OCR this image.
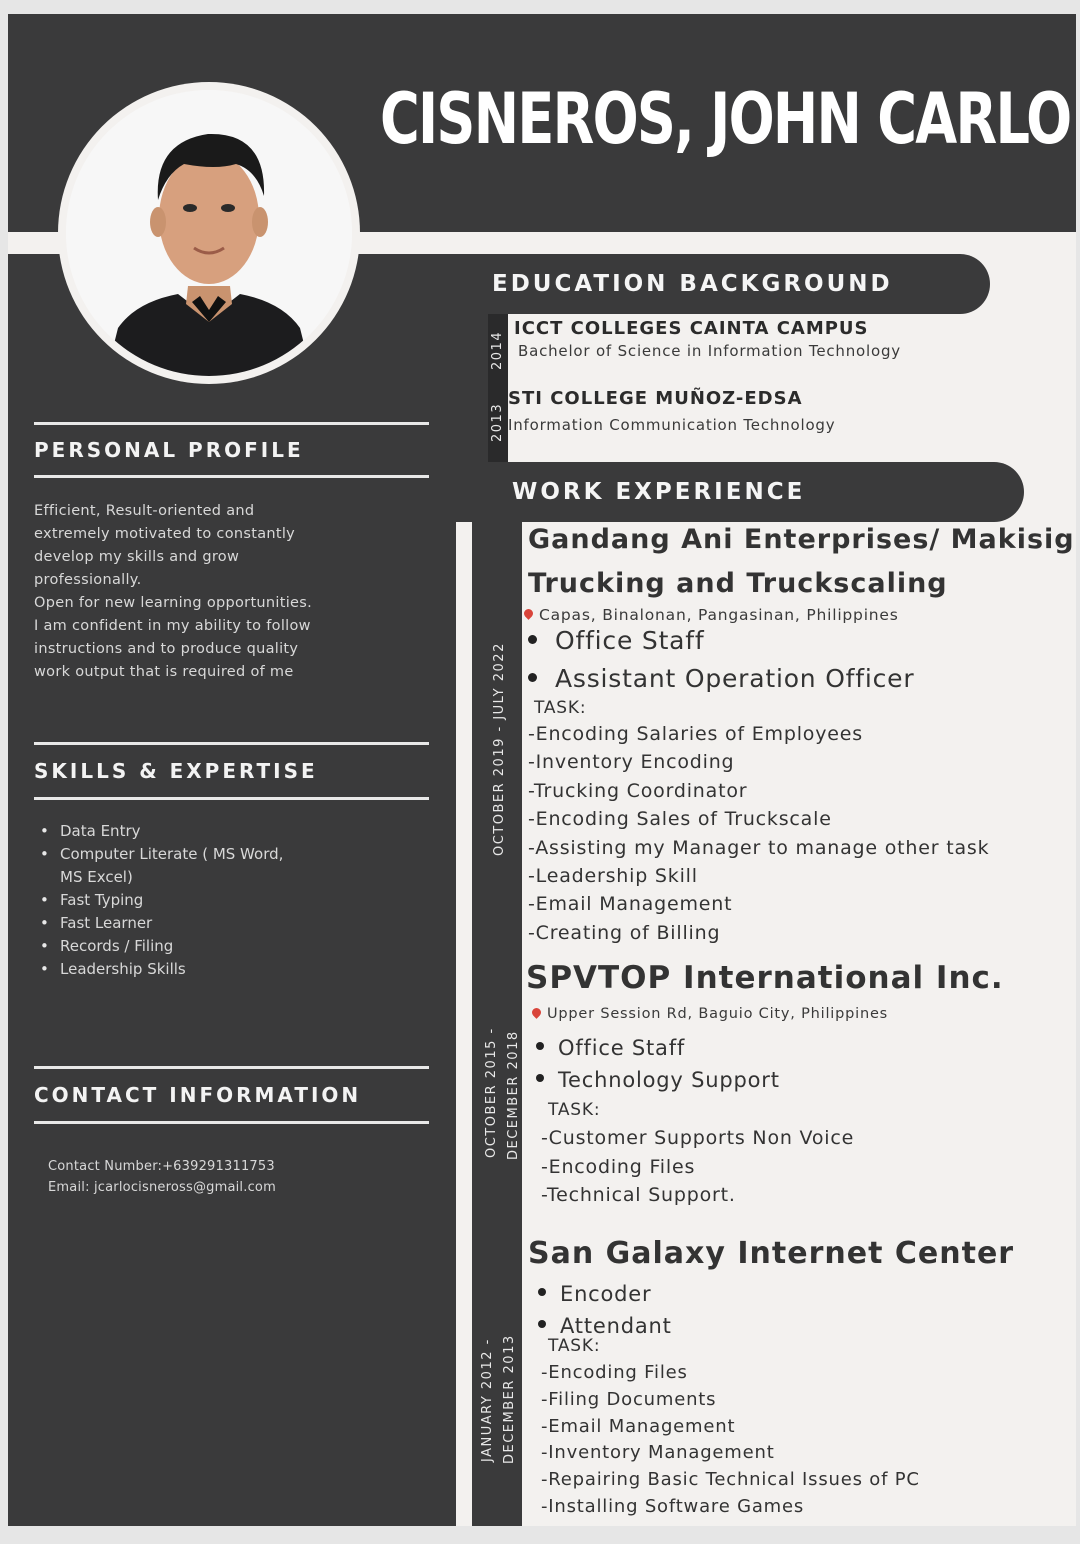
CISNEROS, JOHN CARLO
PERSONAL PROFILE
Efficient, Result-oriented and
extremely motivated to constantly
develop my skills and grow
professionally.
Open for new learning opportunities.
I am confident in my ability to follow
instructions and to produce quality
work output that is required of me
SKILLS & EXPERTISE
• Data Entry
• Computer Literate ( MS Word,
MS Excel)
• Fast Typing
• Fast Learner
• Records / Filing
• Leadership Skills
CONTACT INFORMATION
Contact Number:+639291311753
Email: jcarlocisneross@gmail.com
EDUCATION BACKGROUND
2014
2013
ICCT COLLEGES CAINTA CAMPUS
Bachelor of Science in Information Technology
STI COLLEGE MUÑOZ-EDSA
Information Communication Technology
WORK EXPERIENCE
OCTOBER 2019 - JULY 2022
OCTOBER 2015 - DECEMBER 2018
JANUARY 2012 - DECEMBER 2013
Gandang Ani Enterprises/ Makisig
Trucking and Truckscaling
Capas, Binalonan, Pangasinan, Philippines
Office Staff
Assistant Operation Officer
TASK:
-Encoding Salaries of Employees
-Inventory Encoding
-Trucking Coordinator
-Encoding Sales of Truckscale
-Assisting my Manager to manage other task
-Leadership Skill
-Email Management
-Creating of Billing
SPVTOP International Inc.
Upper Session Rd, Baguio City, Philippines
Office Staff
Technology Support
TASK:
-Customer Supports Non Voice
-Encoding Files
-Technical Support.
San Galaxy Internet Center
Encoder
Attendant
TASK:
-Encoding Files
-Filing Documents
-Email Management
-Inventory Management
-Repairing Basic Technical Issues of PC
-Installing Software Games
